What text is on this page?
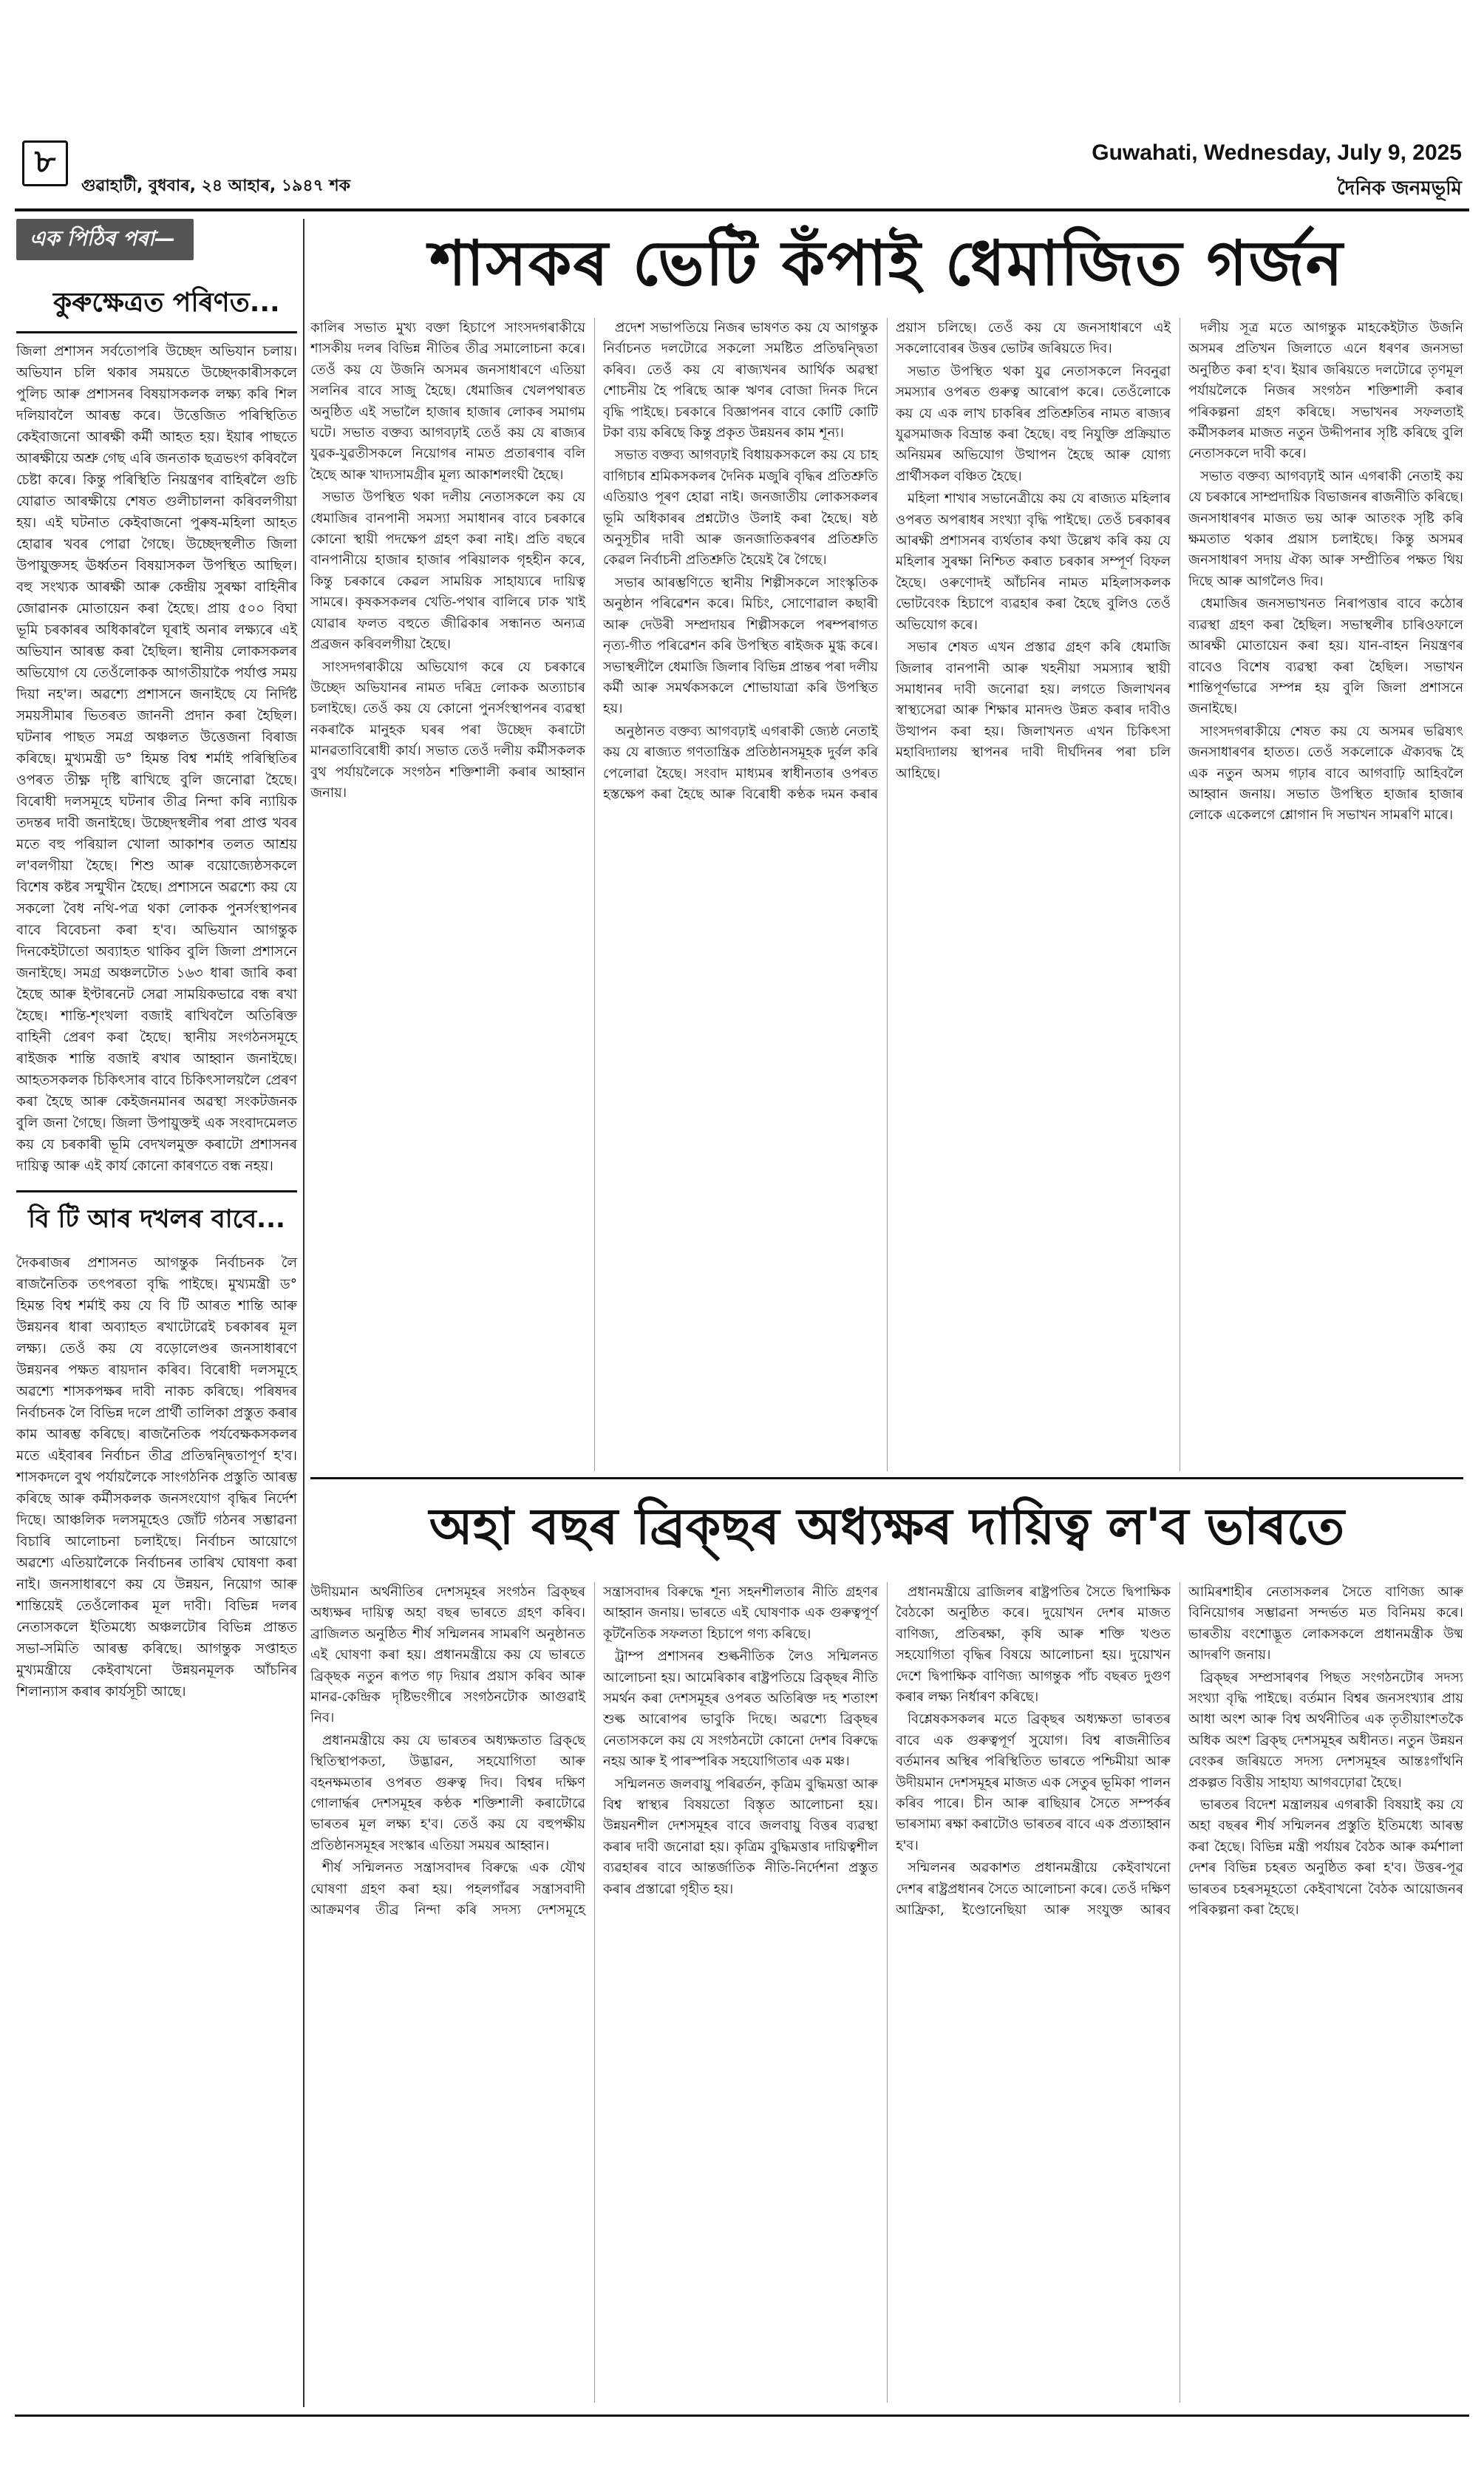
৮
গুৱাহাটী, বুধবাৰ, ২৪ আহাৰ, ১৯৪৭ শক
Guwahati, Wednesday, July 9, 2025
দৈনিক জনমভূমি
এক পিঠিৰ পৰা—
কুৰুক্ষেত্ৰত পৰিণত...
জিলা প্ৰশাসন সৰ্বতোপৰি উচ্ছেদ অভিযান চলায়। অভিযান চলি থকাৰ সময়তে উচ্ছেদকাৰীসকলে পুলিচ আৰু প্ৰশাসনৰ বিষয়াসকলক লক্ষ্য কৰি শিল দলিয়াবলৈ আৰম্ভ কৰে। উত্তেজিত পৰিস্থিতিত কেইবাজনো আৰক্ষী কৰ্মী আহত হয়। ইয়াৰ পাছতে আৰক্ষীয়ে অশ্ৰু গেছ এৰি জনতাক ছত্ৰভংগ কৰিবলৈ চেষ্টা কৰে। কিন্তু পৰিস্থিতি নিয়ন্ত্ৰণৰ বাহিৰলৈ গুচি যোৱাত আৰক্ষীয়ে শেষত গুলীচালনা কৰিবলগীয়া হয়। এই ঘটনাত কেইবাজনো পুৰুষ-মহিলা আহত হোৱাৰ খবৰ পোৱা গৈছে। উচ্ছেদস্থলীত জিলা উপায়ুক্তসহ ঊৰ্ধ্বতন বিষয়াসকল উপস্থিত আছিল। বহু সংখ্যক আৰক্ষী আৰু কেন্দ্ৰীয় সুৰক্ষা বাহিনীৰ জোৱানক মোতায়েন কৰা হৈছে। প্ৰায় ৫০০ বিঘা ভূমি চৰকাৰৰ অধিকাৰলৈ ঘূৰাই অনাৰ লক্ষ্যৰে এই অভিযান আৰম্ভ কৰা হৈছিল। স্থানীয় লোকসকলৰ অভিযোগ যে তেওঁলোকক আগতীয়াকৈ পৰ্যাপ্ত সময় দিয়া নহ'ল। অৱশ্যে প্ৰশাসনে জনাইছে যে নিৰ্দিষ্ট সময়সীমাৰ ভিতৰত জাননী প্ৰদান কৰা হৈছিল। ঘটনাৰ পাছত সমগ্ৰ অঞ্চলত উত্তেজনা বিৰাজ কৰিছে। মুখ্যমন্ত্ৰী ড° হিমন্ত বিশ্ব শৰ্মাই পৰিস্থিতিৰ ওপৰত তীক্ষ্ণ দৃষ্টি ৰাখিছে বুলি জনোৱা হৈছে। বিৰোধী দলসমূহে ঘটনাৰ তীব্ৰ নিন্দা কৰি ন্যায়িক তদন্তৰ দাবী জনাইছে। উচ্ছেদস্থলীৰ পৰা প্ৰাপ্ত খবৰ মতে বহু পৰিয়াল খোলা আকাশৰ তলত আশ্ৰয় ল'বলগীয়া হৈছে। শিশু আৰু বয়োজ্যেষ্ঠসকলে বিশেষ কষ্টৰ সন্মুখীন হৈছে। প্ৰশাসনে অৱশ্যে কয় যে সকলো বৈধ নথি-পত্ৰ থকা লোকক পুনৰ্সংস্থাপনৰ বাবে বিবেচনা কৰা হ'ব। অভিযান আগন্তুক দিনকেইটাতো অব্যাহত থাকিব বুলি জিলা প্ৰশাসনে জনাইছে। সমগ্ৰ অঞ্চলটোত ১৬৩ ধাৰা জাৰি কৰা হৈছে আৰু ইণ্টাৰনেট সেৱা সাময়িকভাৱে বন্ধ ৰখা হৈছে। শান্তি-শৃংখলা বজাই ৰাখিবলৈ অতিৰিক্ত বাহিনী প্ৰেৰণ কৰা হৈছে। স্থানীয় সংগঠনসমূহে ৰাইজক শান্তি বজাই ৰখাৰ আহ্বান জনাইছে। আহতসকলক চিকিৎসাৰ বাবে চিকিৎসালয়লৈ প্ৰেৰণ কৰা হৈছে আৰু কেইজনমানৰ অৱস্থা সংকটজনক বুলি জনা গৈছে। জিলা উপায়ুক্তই এক সংবাদমেলত কয় যে চৰকাৰী ভূমি বেদখলমুক্ত কৰাটো প্ৰশাসনৰ দায়িত্ব আৰু এই কাৰ্য কোনো কাৰণতে বন্ধ নহয়।
বি টি আৰ দখলৰ বাবে...
দৈকৰাজৰ প্ৰশাসনত আগন্তুক নিৰ্বাচনক লৈ ৰাজনৈতিক তৎপৰতা বৃদ্ধি পাইছে। মুখ্যমন্ত্ৰী ড° হিমন্ত বিশ্ব শৰ্মাই কয় যে বি টি আৰত শান্তি আৰু উন্নয়নৰ ধাৰা অব্যাহত ৰখাটোৱেই চৰকাৰৰ মূল লক্ষ্য। তেওঁ কয় যে বড়োলেণ্ডৰ জনসাধাৰণে উন্নয়নৰ পক্ষত ৰায়দান কৰিব। বিৰোধী দলসমূহে অৱশ্যে শাসকপক্ষৰ দাবী নাকচ কৰিছে। পৰিষদৰ নিৰ্বাচনক লৈ বিভিন্ন দলে প্ৰাৰ্থী তালিকা প্ৰস্তুত কৰাৰ কাম আৰম্ভ কৰিছে। ৰাজনৈতিক পৰ্যবেক্ষকসকলৰ মতে এইবাৰৰ নিৰ্বাচন তীব্ৰ প্ৰতিদ্বন্দ্বিতাপূৰ্ণ হ'ব। শাসকদলে বুথ পৰ্যায়লৈকে সাংগঠনিক প্ৰস্তুতি আৰম্ভ কৰিছে আৰু কৰ্মীসকলক জনসংযোগ বৃদ্ধিৰ নিৰ্দেশ দিছে। আঞ্চলিক দলসমূহেও জোঁট গঠনৰ সম্ভাৱনা বিচাৰি আলোচনা চলাইছে। নিৰ্বাচন আয়োগে অৱশ্যে এতিয়ালৈকে নিৰ্বাচনৰ তাৰিখ ঘোষণা কৰা নাই। জনসাধাৰণে কয় যে উন্নয়ন, নিয়োগ আৰু শান্তিয়েই তেওঁলোকৰ মূল দাবী। বিভিন্ন দলৰ নেতাসকলে ইতিমধ্যে অঞ্চলটোৰ বিভিন্ন প্ৰান্তত সভা-সমিতি আৰম্ভ কৰিছে। আগন্তুক সপ্তাহত মুখ্যমন্ত্ৰীয়ে কেইবাখনো উন্নয়নমূলক আঁচনিৰ শিলান্যাস কৰাৰ কাৰ্যসূচী আছে।
শাসকৰ ভেটি কঁপাই ধেমাজিত গৰ্জন

কালিৰ সভাত মুখ্য বক্তা হিচাপে সাংসদগৰাকীয়ে শাসকীয় দলৰ বিভিন্ন নীতিৰ তীব্ৰ সমালোচনা কৰে। তেওঁ কয় যে উজনি অসমৰ জনসাধাৰণে এতিয়া সলনিৰ বাবে সাজু হৈছে। ধেমাজিৰ খেলপথাৰত অনুষ্ঠিত এই সভালৈ হাজাৰ হাজাৰ লোকৰ সমাগম ঘটে। সভাত বক্তব্য আগবঢ়াই তেওঁ কয় যে ৰাজ্যৰ যুৱক-যুৱতীসকলে নিয়োগৰ নামত প্ৰতাৰণাৰ বলি হৈছে আৰু খাদ্যসামগ্ৰীৰ মূল্য আকাশলংঘী হৈছে।

সভাত উপস্থিত থকা দলীয় নেতাসকলে কয় যে ধেমাজিৰ বানপানী সমস্যা সমাধানৰ বাবে চৰকাৰে কোনো স্থায়ী পদক্ষেপ গ্ৰহণ কৰা নাই। প্ৰতি বছৰে বানপানীয়ে হাজাৰ হাজাৰ পৰিয়ালক গৃহহীন কৰে, কিন্তু চৰকাৰে কেৱল সাময়িক সাহায্যৰে দায়িত্ব সামৰে। কৃষকসকলৰ খেতি-পথাৰ বালিৰে ঢাক খাই যোৱাৰ ফলত বহুতে জীৱিকাৰ সন্ধানত অন্যত্ৰ প্ৰব্ৰজন কৰিবলগীয়া হৈছে।

সাংসদগৰাকীয়ে অভিযোগ কৰে যে চৰকাৰে উচ্ছেদ অভিযানৰ নামত দৰিদ্ৰ লোকক অত্যাচাৰ চলাইছে। তেওঁ কয় যে কোনো পুনৰ্সংস্থাপনৰ ব্যৱস্থা নকৰাকৈ মানুহক ঘৰৰ পৰা উচ্ছেদ কৰাটো মানৱতাবিৰোধী কাৰ্য। সভাত তেওঁ দলীয় কৰ্মীসকলক বুথ পৰ্যায়লৈকে সংগঠন শক্তিশালী কৰাৰ আহ্বান জনায়।

প্ৰদেশ সভাপতিয়ে নিজৰ ভাষণত কয় যে আগন্তুক নিৰ্বাচনত দলটোৱে সকলো সমষ্টিত প্ৰতিদ্বন্দ্বিতা কৰিব। তেওঁ কয় যে ৰাজ্যখনৰ আৰ্থিক অৱস্থা শোচনীয় হৈ পৰিছে আৰু ঋণৰ বোজা দিনক দিনে বৃদ্ধি পাইছে। চৰকাৰে বিজ্ঞাপনৰ বাবে কোটি কোটি টকা ব্যয় কৰিছে কিন্তু প্ৰকৃত উন্নয়নৰ কাম শূন্য।

সভাত বক্তব্য আগবঢ়াই বিধায়কসকলে কয় যে চাহ বাগিচাৰ শ্ৰমিকসকলৰ দৈনিক মজুৰি বৃদ্ধিৰ প্ৰতিশ্ৰুতি এতিয়াও পূৰণ হোৱা নাই। জনজাতীয় লোকসকলৰ ভূমি অধিকাৰৰ প্ৰশ্নটোও উলাই কৰা হৈছে। ষষ্ঠ অনুসূচীৰ দাবী আৰু জনজাতিকৰণৰ প্ৰতিশ্ৰুতি কেৱল নিৰ্বাচনী প্ৰতিশ্ৰুতি হৈয়েই ৰৈ গৈছে।

সভাৰ আৰম্ভণিতে স্থানীয় শিল্পীসকলে সাংস্কৃতিক অনুষ্ঠান পৰিৱেশন কৰে। মিচিং, সোণোৱাল কছাৰী আৰু দেউৰী সম্প্ৰদায়ৰ শিল্পীসকলে পৰম্পৰাগত নৃত্য-গীত পৰিৱেশন কৰি উপস্থিত ৰাইজক মুগ্ধ কৰে। সভাস্থলীলৈ ধেমাজি জিলাৰ বিভিন্ন প্ৰান্তৰ পৰা দলীয় কৰ্মী আৰু সমৰ্থকসকলে শোভাযাত্ৰা কৰি উপস্থিত হয়।

অনুষ্ঠানত বক্তব্য আগবঢ়াই এগৰাকী জ্যেষ্ঠ নেতাই কয় যে ৰাজ্যত গণতান্ত্ৰিক প্ৰতিষ্ঠানসমূহক দুৰ্বল কৰি পেলোৱা হৈছে। সংবাদ মাধ্যমৰ স্বাধীনতাৰ ওপৰত হস্তক্ষেপ কৰা হৈছে আৰু বিৰোধী কণ্ঠক দমন কৰাৰ প্ৰয়াস চলিছে। তেওঁ কয় যে জনসাধাৰণে এই সকলোবোৰৰ উত্তৰ ভোটৰ জৰিয়তে দিব।

সভাত উপস্থিত থকা যুৱ নেতাসকলে নিবনুৱা সমস্যাৰ ওপৰত গুৰুত্ব আৰোপ কৰে। তেওঁলোকে কয় যে এক লাখ চাকৰিৰ প্ৰতিশ্ৰুতিৰ নামত ৰাজ্যৰ যুৱসমাজক বিভ্ৰান্ত কৰা হৈছে। বহু নিযুক্তি প্ৰক্ৰিয়াত অনিয়মৰ অভিযোগ উত্থাপন হৈছে আৰু যোগ্য প্ৰাৰ্থীসকল বঞ্চিত হৈছে।

মহিলা শাখাৰ সভানেত্ৰীয়ে কয় যে ৰাজ্যত মহিলাৰ ওপৰত অপৰাধৰ সংখ্যা বৃদ্ধি পাইছে। তেওঁ চৰকাৰৰ আৰক্ষী প্ৰশাসনৰ ব্যৰ্থতাৰ কথা উল্লেখ কৰি কয় যে মহিলাৰ সুৰক্ষা নিশ্চিত কৰাত চৰকাৰ সম্পূৰ্ণ বিফল হৈছে। ওৰুণোদই আঁচনিৰ নামত মহিলাসকলক ভোটবেংক হিচাপে ব্যৱহাৰ কৰা হৈছে বুলিও তেওঁ অভিযোগ কৰে।

সভাৰ শেষত এখন প্ৰস্তাৱ গ্ৰহণ কৰি ধেমাজি জিলাৰ বানপানী আৰু খহনীয়া সমস্যাৰ স্থায়ী সমাধানৰ দাবী জনোৱা হয়। লগতে জিলাখনৰ স্বাস্থ্যসেৱা আৰু শিক্ষাৰ মানদণ্ড উন্নত কৰাৰ দাবীও উত্থাপন কৰা হয়। জিলাখনত এখন চিকিৎসা মহাবিদ্যালয় স্থাপনৰ দাবী দীৰ্ঘদিনৰ পৰা চলি আহিছে।

দলীয় সূত্ৰ মতে আগন্তুক মাহকেইটাত উজনি অসমৰ প্ৰতিখন জিলাতে এনে ধৰণৰ জনসভা অনুষ্ঠিত কৰা হ'ব। ইয়াৰ জৰিয়তে দলটোৱে তৃণমূল পৰ্যায়লৈকে নিজৰ সংগঠন শক্তিশালী কৰাৰ পৰিকল্পনা গ্ৰহণ কৰিছে। সভাখনৰ সফলতাই কৰ্মীসকলৰ মাজত নতুন উদ্দীপনাৰ সৃষ্টি কৰিছে বুলি নেতাসকলে দাবী কৰে।

সভাত বক্তব্য আগবঢ়াই আন এগৰাকী নেতাই কয় যে চৰকাৰে সাম্প্ৰদায়িক বিভাজনৰ ৰাজনীতি কৰিছে। জনসাধাৰণৰ মাজত ভয় আৰু আতংক সৃষ্টি কৰি ক্ষমতাত থকাৰ প্ৰয়াস চলাইছে। কিন্তু অসমৰ জনসাধাৰণ সদায় ঐক্য আৰু সম্প্ৰীতিৰ পক্ষত থিয় দিছে আৰু আগলৈও দিব।

ধেমাজিৰ জনসভাখনত নিৰাপত্তাৰ বাবে কঠোৰ ব্যৱস্থা গ্ৰহণ কৰা হৈছিল। সভাস্থলীৰ চাৰিওফালে আৰক্ষী মোতায়েন কৰা হয়। যান-বাহন নিয়ন্ত্ৰণৰ বাবেও বিশেষ ব্যৱস্থা কৰা হৈছিল। সভাখন শান্তিপূৰ্ণভাৱে সম্পন্ন হয় বুলি জিলা প্ৰশাসনে জনাইছে।

সাংসদগৰাকীয়ে শেষত কয় যে অসমৰ ভৱিষ্যৎ জনসাধাৰণৰ হাতত। তেওঁ সকলোকে ঐক্যবদ্ধ হৈ এক নতুন অসম গঢ়াৰ বাবে আগবাঢ়ি আহিবলৈ আহ্বান জনায়। সভাত উপস্থিত হাজাৰ হাজাৰ লোকে একেলগে শ্লোগান দি সভাখন সামৰণি মাৰে।

অহা বছৰ ব্ৰিক্‌ছৰ অধ্যক্ষৰ দায়িত্ব ল'ব ভাৰতে

উদীয়মান অৰ্থনীতিৰ দেশসমূহৰ সংগঠন ব্ৰিক্‌ছৰ অধ্যক্ষৰ দায়িত্ব অহা বছৰ ভাৰতে গ্ৰহণ কৰিব। ব্ৰাজিলত অনুষ্ঠিত শীৰ্ষ সন্মিলনৰ সামৰণি অনুষ্ঠানত এই ঘোষণা কৰা হয়। প্ৰধানমন্ত্ৰীয়ে কয় যে ভাৰতে ব্ৰিক্‌ছক নতুন ৰূপত গঢ় দিয়াৰ প্ৰয়াস কৰিব আৰু মানৱ-কেন্দ্ৰিক দৃষ্টিভংগীৰে সংগঠনটোক আগুৱাই নিব।

প্ৰধানমন্ত্ৰীয়ে কয় যে ভাৰতৰ অধ্যক্ষতাত ব্ৰিক্‌ছে স্থিতিস্থাপকতা, উদ্ভাৱন, সহযোগিতা আৰু বহনক্ষমতাৰ ওপৰত গুৰুত্ব দিব। বিশ্বৰ দক্ষিণ গোলাৰ্দ্ধৰ দেশসমূহৰ কণ্ঠক শক্তিশালী কৰাটোৱে ভাৰতৰ মূল লক্ষ্য হ'ব। তেওঁ কয় যে বহুপক্ষীয় প্ৰতিষ্ঠানসমূহৰ সংস্কাৰ এতিয়া সময়ৰ আহ্বান।

শীৰ্ষ সন্মিলনত সন্ত্ৰাসবাদৰ বিৰুদ্ধে এক যৌথ ঘোষণা গ্ৰহণ কৰা হয়। পহলগাঁৱৰ সন্ত্ৰাসবাদী আক্ৰমণৰ তীব্ৰ নিন্দা কৰি সদস্য দেশসমূহে সন্ত্ৰাসবাদৰ বিৰুদ্ধে শূন্য সহনশীলতাৰ নীতি গ্ৰহণৰ আহ্বান জনায়। ভাৰতে এই ঘোষণাক এক গুৰুত্বপূৰ্ণ কূটনৈতিক সফলতা হিচাপে গণ্য কৰিছে।

ট্ৰাম্প প্ৰশাসনৰ শুল্কনীতিক লৈও সন্মিলনত আলোচনা হয়। আমেৰিকাৰ ৰাষ্ট্ৰপতিয়ে ব্ৰিক্‌ছৰ নীতি সমৰ্থন কৰা দেশসমূহৰ ওপৰত অতিৰিক্ত দহ শতাংশ শুল্ক আৰোপৰ ভাবুকি দিছে। অৱশ্যে ব্ৰিক্‌ছৰ নেতাসকলে কয় যে সংগঠনটো কোনো দেশৰ বিৰুদ্ধে নহয় আৰু ই পাৰস্পৰিক সহযোগিতাৰ এক মঞ্চ।

সন্মিলনত জলবায়ু পৰিৱৰ্তন, কৃত্ৰিম বুদ্ধিমত্তা আৰু বিশ্ব স্বাস্থ্যৰ বিষয়তো বিস্তৃত আলোচনা হয়। উন্নয়নশীল দেশসমূহৰ বাবে জলবায়ু বিত্তৰ ব্যৱস্থা কৰাৰ দাবী জনোৱা হয়। কৃত্ৰিম বুদ্ধিমত্তাৰ দায়িত্বশীল ব্যৱহাৰৰ বাবে আন্তৰ্জাতিক নীতি-নিৰ্দেশনা প্ৰস্তুত কৰাৰ প্ৰস্তাৱো গৃহীত হয়।

প্ৰধানমন্ত্ৰীয়ে ব্ৰাজিলৰ ৰাষ্ট্ৰপতিৰ সৈতে দ্বিপাক্ষিক বৈঠকো অনুষ্ঠিত কৰে। দুয়োখন দেশৰ মাজত বাণিজ্য, প্ৰতিৰক্ষা, কৃষি আৰু শক্তি খণ্ডত সহযোগিতা বৃদ্ধিৰ বিষয়ে আলোচনা হয়। দুয়োখন দেশে দ্বিপাক্ষিক বাণিজ্য আগন্তুক পাঁচ বছৰত দুগুণ কৰাৰ লক্ষ্য নিৰ্ধাৰণ কৰিছে।

বিশ্লেষকসকলৰ মতে ব্ৰিক্‌ছৰ অধ্যক্ষতা ভাৰতৰ বাবে এক গুৰুত্বপূৰ্ণ সুযোগ। বিশ্ব ৰাজনীতিৰ বৰ্তমানৰ অস্থিৰ পৰিস্থিতিত ভাৰতে পশ্চিমীয়া আৰু উদীয়মান দেশসমূহৰ মাজত এক সেতুৰ ভূমিকা পালন কৰিব পাৰে। চীন আৰু ৰাছিয়াৰ সৈতে সম্পৰ্কৰ ভাৰসাম্য ৰক্ষা কৰাটোও ভাৰতৰ বাবে এক প্ৰত্যাহ্বান হ'ব।

সন্মিলনৰ অৱকাশত প্ৰধানমন্ত্ৰীয়ে কেইবাখনো দেশৰ ৰাষ্ট্ৰপ্ৰধানৰ সৈতে আলোচনা কৰে। তেওঁ দক্ষিণ আফ্ৰিকা, ইণ্ডোনেছিয়া আৰু সংযুক্ত আৰব আমিৰশাহীৰ নেতাসকলৰ সৈতে বাণিজ্য আৰু বিনিয়োগৰ সম্ভাৱনা সন্দৰ্ভত মত বিনিময় কৰে। ভাৰতীয় বংশোদ্ভূত লোকসকলে প্ৰধানমন্ত্ৰীক উষ্ম আদৰণি জনায়।

ব্ৰিক্‌ছৰ সম্প্ৰসাৰণৰ পিছত সংগঠনটোৰ সদস্য সংখ্যা বৃদ্ধি পাইছে। বৰ্তমান বিশ্বৰ জনসংখ্যাৰ প্ৰায় আধা অংশ আৰু বিশ্ব অৰ্থনীতিৰ এক তৃতীয়াংশতকৈ অধিক অংশ ব্ৰিক্‌ছ দেশসমূহৰ অধীনত। নতুন উন্নয়ন বেংকৰ জৰিয়তে সদস্য দেশসমূহৰ আন্তঃগাঁথনি প্ৰকল্পত বিত্তীয় সাহায্য আগবঢ়োৱা হৈছে।

ভাৰতৰ বিদেশ মন্ত্ৰালয়ৰ এগৰাকী বিষয়াই কয় যে অহা বছৰৰ শীৰ্ষ সন্মিলনৰ প্ৰস্তুতি ইতিমধ্যে আৰম্ভ কৰা হৈছে। বিভিন্ন মন্ত্ৰী পৰ্যায়ৰ বৈঠক আৰু কৰ্মশালা দেশৰ বিভিন্ন চহৰত অনুষ্ঠিত কৰা হ'ব। উত্তৰ-পূৱ ভাৰতৰ চহৰসমূহতো কেইবাখনো বৈঠক আয়োজনৰ পৰিকল্পনা কৰা হৈছে।
